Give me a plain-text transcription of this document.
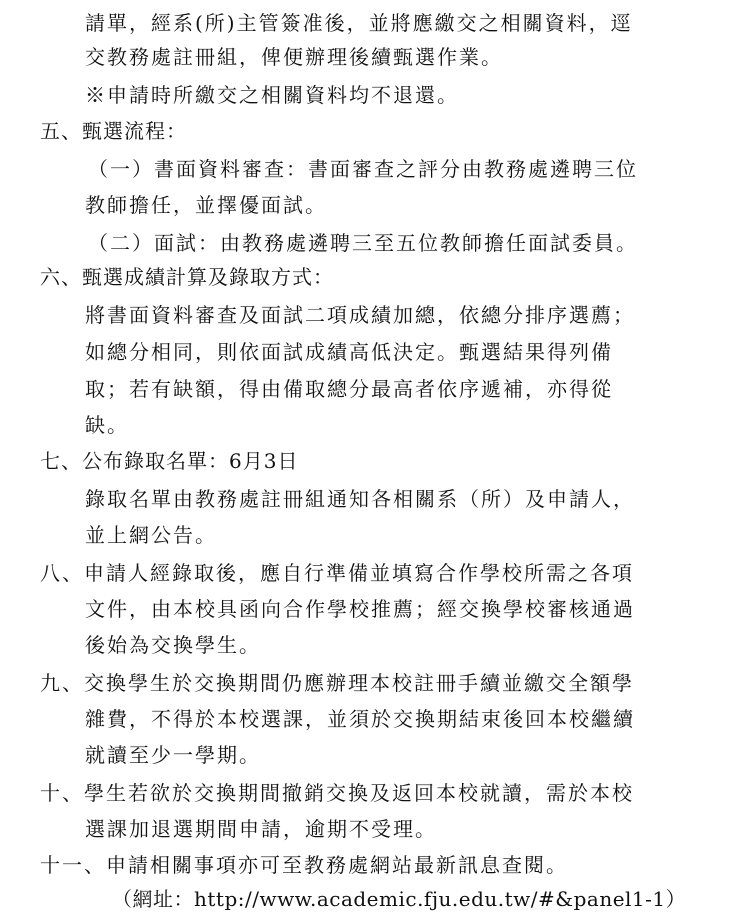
請單，經系(所)主管簽准後，並將應繳交之相關資料，逕
交教務處註冊組，俾便辦理後續甄選作業。
※申請時所繳交之相關資料均不退還。
五、甄選流程：
（一）書面資料審查：書面審查之評分由教務處遴聘三位
教師擔任，並擇優面試。
（二）面試：由教務處遴聘三至五位教師擔任面試委員。
六、甄選成績計算及錄取方式：
將書面資料審查及面試二項成績加總，依總分排序選薦；
如總分相同，則依面試成績高低決定。甄選結果得列備
取；若有缺額，得由備取總分最高者依序遞補，亦得從
缺。
七、公布錄取名單：6月3日
錄取名單由教務處註冊組通知各相關系（所）及申請人，
並上網公告。
八、申請人經錄取後，應自行準備並填寫合作學校所需之各項
文件，由本校具函向合作學校推薦；經交換學校審核通過
後始為交換學生。
九、交換學生於交換期間仍應辦理本校註冊手續並繳交全額學
雜費，不得於本校選課，並須於交換期結束後回本校繼續
就讀至少一學期。
十、學生若欲於交換期間撤銷交換及返回本校就讀，需於本校
選課加退選期間申請，逾期不受理。
十一、申請相關事項亦可至教務處網站最新訊息查閱。
（網址：http://www.academic.fju.edu.tw/#&panel1-1）
